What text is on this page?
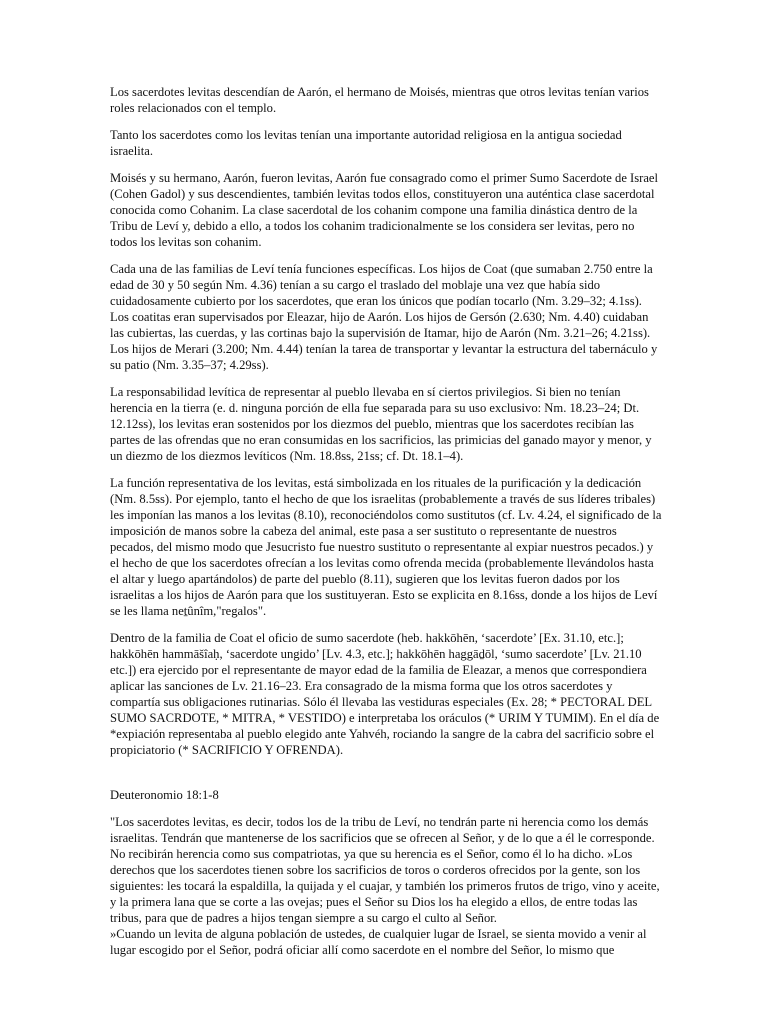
Los sacerdotes levitas descendían de Aarón, el hermano de Moisés, mientras que otros levitas tenían varios roles relacionados con el templo.

Tanto los sacerdotes como los levitas tenían una importante autoridad religiosa en la antigua sociedad israelita.

Moisés y su hermano, Aarón, fueron levitas, Aarón fue consagrado como el primer Sumo Sacerdote de Israel (Cohen Gadol) y sus descendientes, también levitas todos ellos, constituyeron una auténtica clase sacerdotal conocida como Cohanim. La clase sacerdotal de los cohanim compone una familia dinástica dentro de la Tribu de Leví y, debido a ello, a todos los cohanim tradicionalmente se los considera ser levitas, pero no todos los levitas son cohanim.

Cada una de las familias de Leví tenía funciones específicas. Los hijos de Coat (que sumaban 2.750 entre la edad de 30 y 50 según Nm. 4.36) tenían a su cargo el traslado del moblaje una vez que había sido cuidadosamente cubierto por los sacerdotes, que eran los únicos que podían tocarlo (Nm. 3.29–32; 4.1ss). Los coatitas eran supervisados por Eleazar, hijo de Aarón. Los hijos de Gersón (2.630; Nm. 4.40) cuidaban las cubiertas, las cuerdas, y las cortinas bajo la supervisión de Itamar, hijo de Aarón (Nm. 3.21–26; 4.21ss). Los hijos de Merari (3.200; Nm. 4.44) tenían la tarea de transportar y levantar la estructura del tabernáculo y su patio (Nm. 3.35–37; 4.29ss).

La responsabilidad levítica de representar al pueblo llevaba en sí ciertos privilegios. Si bien no tenían herencia en la tierra (e. d. ninguna porción de ella fue separada para su uso exclusivo: Nm. 18.23–24; Dt. 12.12ss), los levitas eran sostenidos por los diezmos del pueblo, mientras que los sacerdotes recibían las partes de las ofrendas que no eran consumidas en los sacrificios, las primicias del ganado mayor y menor, y un diezmo de los diezmos levíticos (Nm. 18.8ss, 21ss; cf. Dt. 18.1–4).

La función representativa de los levitas, está simbolizada en los rituales de la purificación y la dedicación (Nm. 8.5ss). Por ejemplo, tanto el hecho de que los israelitas (probablemente a través de sus líderes tribales) les imponían las manos a los levitas (8.10), reconociéndolos como sustitutos (cf. Lv. 4.24, el significado de la imposición de manos sobre la cabeza del animal, este pasa a ser sustituto o representante de nuestros pecados, del mismo modo que Jesucristo fue nuestro sustituto o representante al expiar nuestros pecados.) y el hecho de que los sacerdotes ofrecían a los levitas como ofrenda mecida (probablemente llevándolos hasta el altar y luego apartándolos) de parte del pueblo (8.11), sugieren que los levitas fueron dados por los israelitas a los hijos de Aarón para que los sustituyeran. Esto se explicita en 8.16ss, donde a los hijos de Leví se les llama neṯûnîm,"regalos".

Dentro de la familia de Coat el oficio de sumo sacerdote (heb. hakkōhēn, ‘sacerdote’ [Ex. 31.10, etc.]; hakkōhēn hammāšîaḥ, ‘sacerdote ungido’ [Lv. 4.3, etc.]; hakkōhēn haggāḏōl, ‘sumo sacerdote’ [Lv. 21.10 etc.]) era ejercido por el representante de mayor edad de la familia de Eleazar, a menos que correspondiera aplicar las sanciones de Lv. 21.16–23. Era consagrado de la misma forma que los otros sacerdotes y compartía sus obligaciones rutinarias. Sólo él llevaba las vestiduras especiales (Ex. 28; * PECTORAL DEL SUMO SACRDOTE, * MITRA, * VESTIDO) e interpretaba los oráculos (* URIM Y TUMIM). En el día de *expiación representaba al pueblo elegido ante Yahvéh, rociando la sangre de la cabra del sacrificio sobre el propiciatorio (* SACRIFICIO Y OFRENDA).

Deuteronomio 18:1-8

"Los sacerdotes levitas, es decir, todos los de la tribu de Leví, no tendrán parte ni herencia como los demás israelitas. Tendrán que mantenerse de los sacrificios que se ofrecen al Señor, y de lo que a él le corresponde. No recibirán herencia como sus compatriotas, ya que su herencia es el Señor, como él lo ha dicho. »Los derechos que los sacerdotes tienen sobre los sacrificios de toros o corderos ofrecidos por la gente, son los siguientes: les tocará la espaldilla, la quijada y el cuajar, y también los primeros frutos de trigo, vino y aceite, y la primera lana que se corte a las ovejas; pues el Señor su Dios los ha elegido a ellos, de entre todas las tribus, para que de padres a hijos tengan siempre a su cargo el culto al Señor.
»Cuando un levita de alguna población de ustedes, de cualquier lugar de Israel, se sienta movido a venir al lugar escogido por el Señor, podrá oficiar allí como sacerdote en el nombre del Señor, lo mismo que
